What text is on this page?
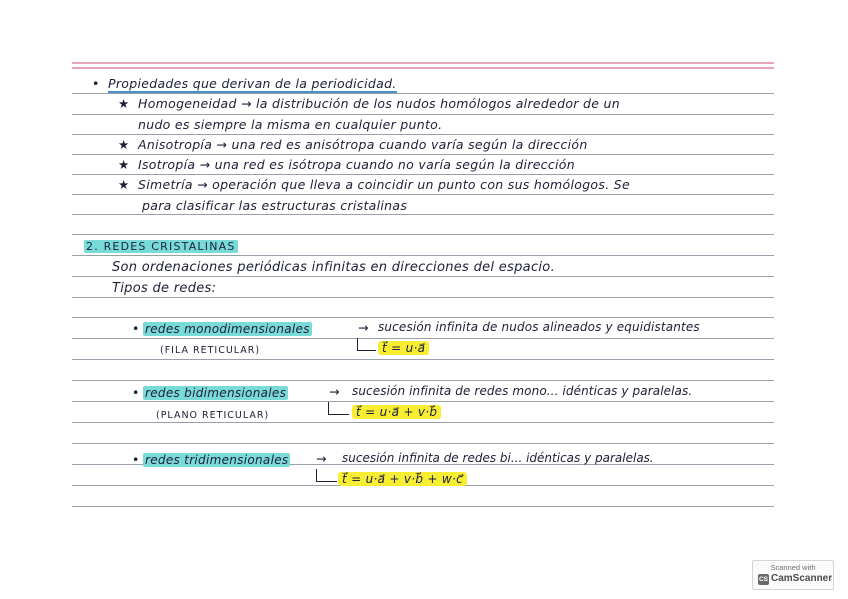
• Propiedades que derivan de la periodicidad.
★ Homogeneidad → la distribución de los nudos homólogos alrededor de un
nudo es siempre la misma en cualquier punto.
★ Anisotropía → una red es anisótropa cuando varía según la dirección
★ Isotropía → una red es isótropa cuando no varía según la dirección
★ Simetría → operación que lleva a coincidir un punto con sus homólogos. Se
para clasificar las estructuras cristalinas
2. REDES CRISTALINAS
Son ordenaciones periódicas infinitas en direcciones del espacio.
Tipos de redes:
• redes monodimensionales
(FILA RETICULAR)
→ sucesión infinita de nudos alineados y equidistantes
t⃗ = u·a⃗
• redes bidimensionales
(PLANO RETICULAR)
→ sucesión infinita de redes mono... idénticas y paralelas.
t⃗ = u·a⃗ + v·b⃗
• redes tridimensionales → sucesión infinita de redes bi... idénticas y paralelas.
t⃗ = u·a⃗ + v·b⃗ + w·c⃗
Scanned with
CS CamScanner
